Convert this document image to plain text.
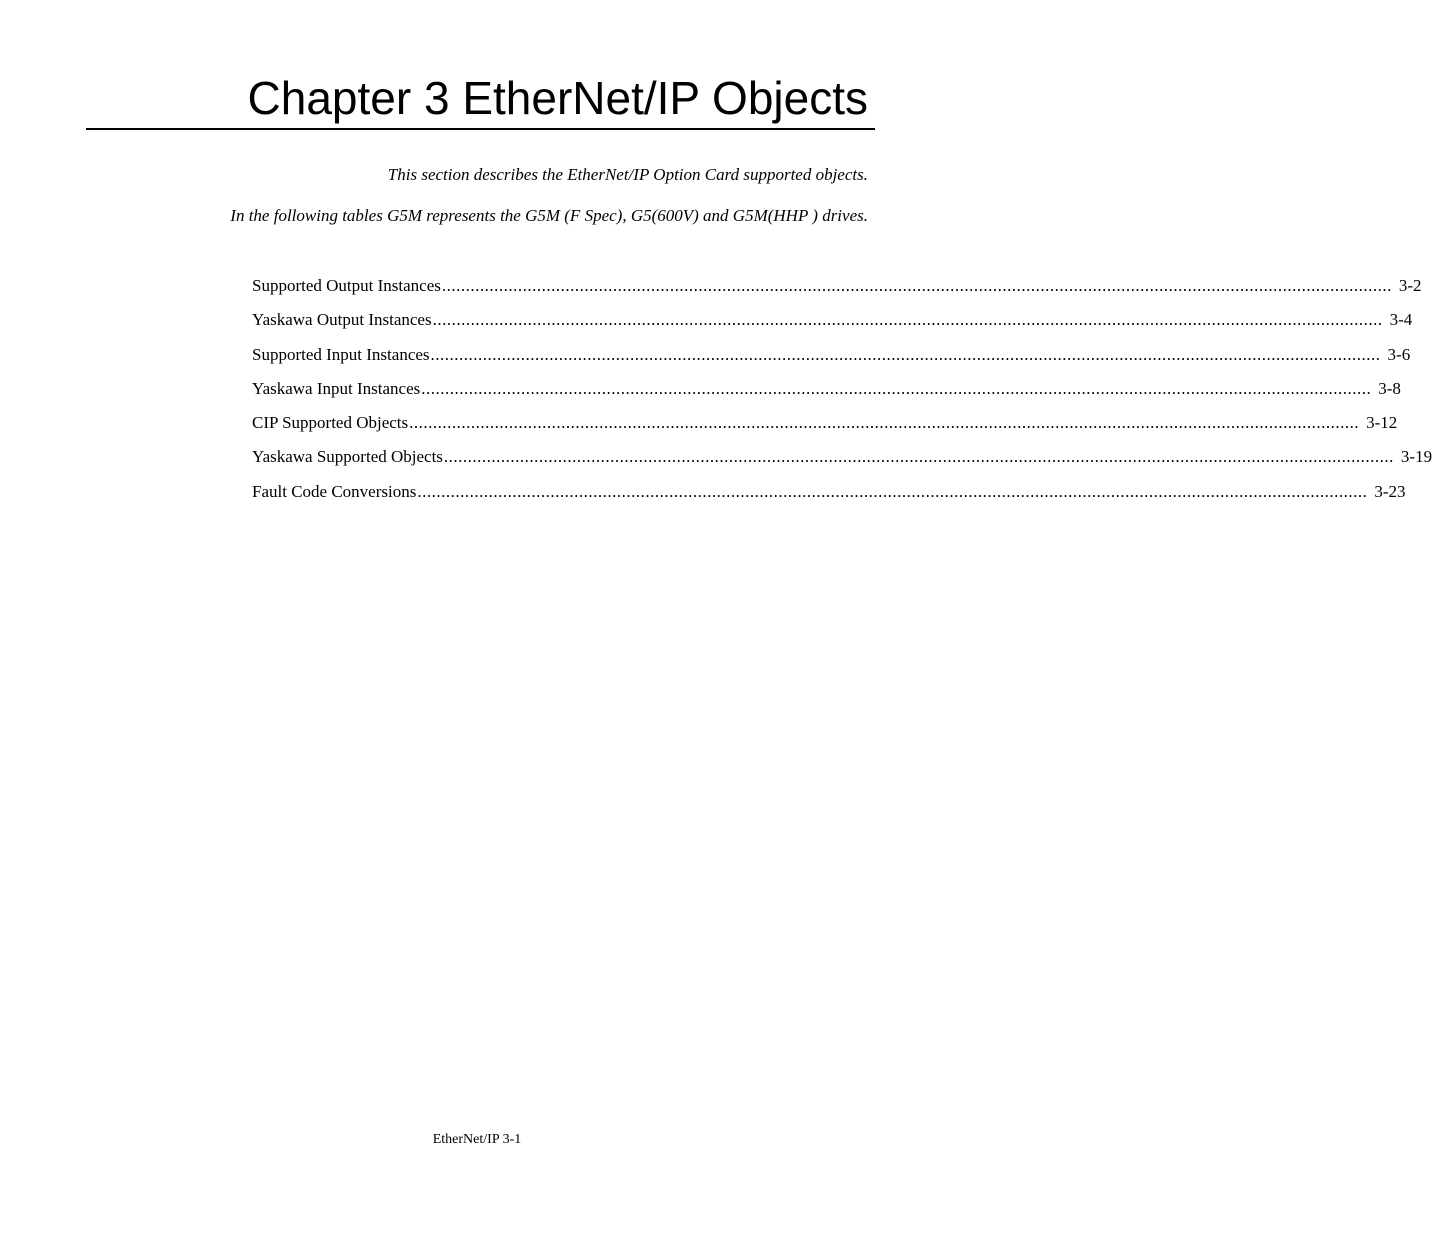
Chapter 3 EtherNet/IP Objects

This section describes the EtherNet/IP Option Card supported objects.

In the following tables G5M represents the G5M (F Spec), G5(600V) and G5M(HHP ) drives.

Supported Output Instances ........................................................................................................................................................................................................ 3-2
Yaskawa Output Instances ........................................................................................................................................................................................................ 3-4
Supported Input Instances ........................................................................................................................................................................................................ 3-6
Yaskawa Input Instances ........................................................................................................................................................................................................ 3-8
CIP Supported Objects ........................................................................................................................................................................................................ 3-12
Yaskawa Supported Objects ........................................................................................................................................................................................................ 3-19
Fault Code Conversions ........................................................................................................................................................................................................ 3-23

EtherNet/IP 3-1
